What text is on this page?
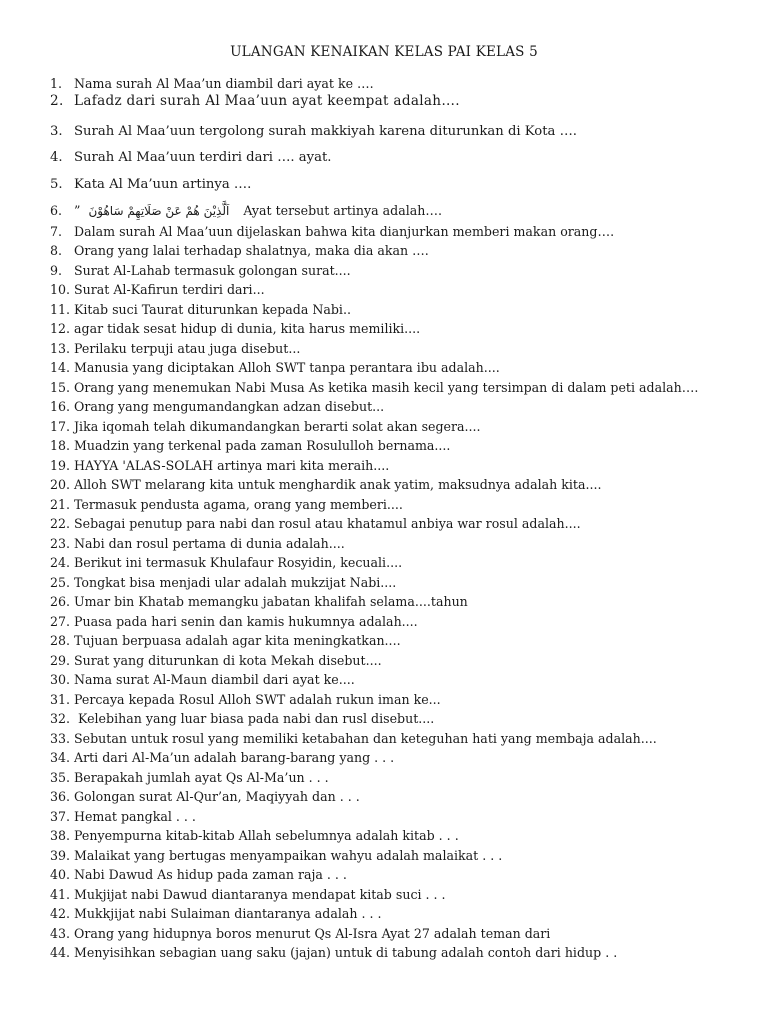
ULANGAN KENAIKAN KELAS PAI KELAS 5
1. Nama surah Al Maa’un diambil dari ayat ke ….
2. Lafadz dari surah Al Maa’uun ayat keempat adalah….
3. Surah Al Maa’uun tergolong surah makkiyah karena diturunkan di Kota ….
4. Surah Al Maa’uun terdiri dari …. ayat.
5. Kata Al Ma’uun artinya ….
6. ” اَلَّذِيْنَ هُمْ عَنْ صَلَاتِهِمْ سَاهُوْنَ Ayat tersebut artinya adalah….
7. Dalam surah Al Maa’uun dijelaskan bahwa kita dianjurkan memberi makan orang….
8. Orang yang lalai terhadap shalatnya, maka dia akan ….
9. Surat Al-Lahab termasuk golongan surat....
10. Surat Al-Kafirun terdiri dari...
11. Kitab suci Taurat diturunkan kepada Nabi..
12. agar tidak sesat hidup di dunia, kita harus memiliki....
13. Perilaku terpuji atau juga disebut...
14. Manusia yang diciptakan Alloh SWT tanpa perantara ibu adalah....
15. Orang yang menemukan Nabi Musa As ketika masih kecil yang tersimpan di dalam peti adalah….
16. Orang yang mengumandangkan adzan disebut...
17. Jika iqomah telah dikumandangkan berarti solat akan segera....
18. Muadzin yang terkenal pada zaman Rosululloh bernama....
19. HAYYA 'ALAS-SOLAH artinya mari kita meraih....
20. Alloh SWT melarang kita untuk menghardik anak yatim, maksudnya adalah kita....
21. Termasuk pendusta agama, orang yang memberi....
22. Sebagai penutup para nabi dan rosul atau khatamul anbiya war rosul adalah....
23. Nabi dan rosul pertama di dunia adalah....
24. Berikut ini termasuk Khulafaur Rosyidin, kecuali....
25. Tongkat bisa menjadi ular adalah mukzijat Nabi....
26. Umar bin Khatab memangku jabatan khalifah selama....tahun
27. Puasa pada hari senin dan kamis hukumnya adalah....
28. Tujuan berpuasa adalah agar kita meningkatkan....
29. Surat yang diturunkan di kota Mekah disebut....
30. Nama surat Al-Maun diambil dari ayat ke....
31. Percaya kepada Rosul Alloh SWT adalah rukun iman ke...
32. Kelebihan yang luar biasa pada nabi dan rusl disebut....
33. Sebutan untuk rosul yang memiliki ketabahan dan keteguhan hati yang membaja adalah....
34. Arti dari Al-Ma’un adalah barang-barang yang . . .
35. Berapakah jumlah ayat Qs Al-Ma’un . . .
36. Golongan surat Al-Qur’an, Maqiyyah dan . . .
37. Hemat pangkal . . .
38. Penyempurna kitab-kitab Allah sebelumnya adalah kitab . . .
39. Malaikat yang bertugas menyampaikan wahyu adalah malaikat . . .
40. Nabi Dawud As hidup pada zaman raja . . .
41. Mukjijat nabi Dawud diantaranya mendapat kitab suci . . .
42. Mukkjijat nabi Sulaiman diantaranya adalah . . .
43. Orang yang hidupnya boros menurut Qs Al-Isra Ayat 27 adalah teman dari
44. Menyisihkan sebagian uang saku (jajan) untuk di tabung adalah contoh dari hidup . .
